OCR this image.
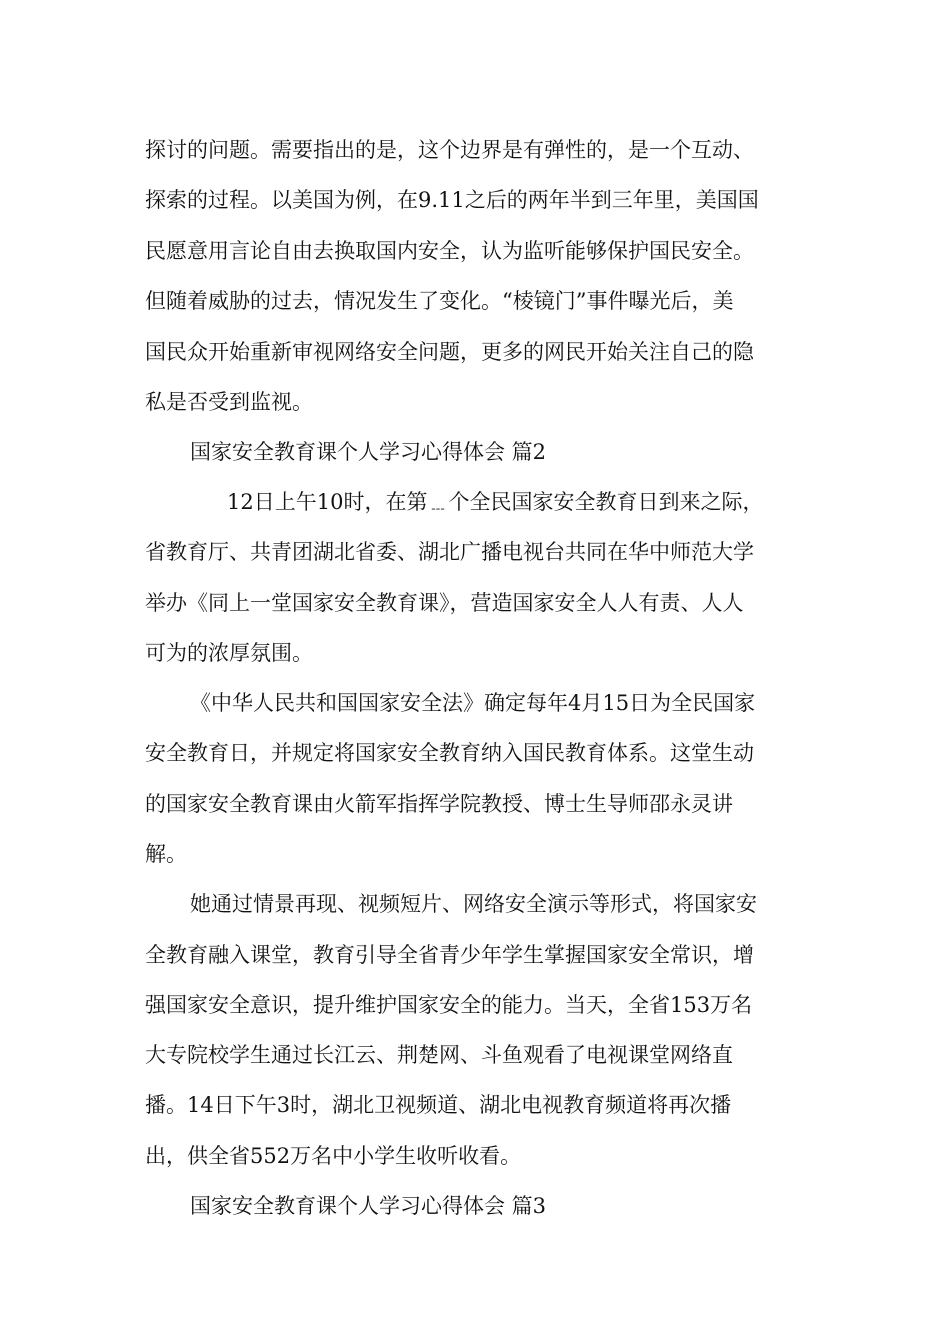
探讨的问题。需要指出的是，这个边界是有弹性的，是一个互动、
探索的过程。以美国为例，在9.11之后的两年半到三年里，美国国
民愿意用言论自由去换取国内安全，认为监听能够保护国民安全。
但随着威胁的过去，情况发生了变化。“棱镜门”事件曝光后，美
国民众开始重新审视网络安全问题，更多的网民开始关注自己的隐
私是否受到监视。
国家安全教育课个人学习心得体会 篇2
12日上午10时，在第﹍个全民国家安全教育日到来之际，
省教育厅、共青团湖北省委、湖北广播电视台共同在华中师范大学
举办《同上一堂国家安全教育课》，营造国家安全人人有责、人人
可为的浓厚氛围。
《中华人民共和国国家安全法》确定每年4月15日为全民国家
安全教育日，并规定将国家安全教育纳入国民教育体系。这堂生动
的国家安全教育课由火箭军指挥学院教授、博士生导师邵永灵讲
解。
她通过情景再现、视频短片、网络安全演示等形式，将国家安
全教育融入课堂，教育引导全省青少年学生掌握国家安全常识，增
强国家安全意识，提升维护国家安全的能力。当天，全省153万名
大专院校学生通过长江云、荆楚网、斗鱼观看了电视课堂网络直
播。14日下午3时，湖北卫视频道、湖北电视教育频道将再次播
出，供全省552万名中小学生收听收看。
国家安全教育课个人学习心得体会 篇3
